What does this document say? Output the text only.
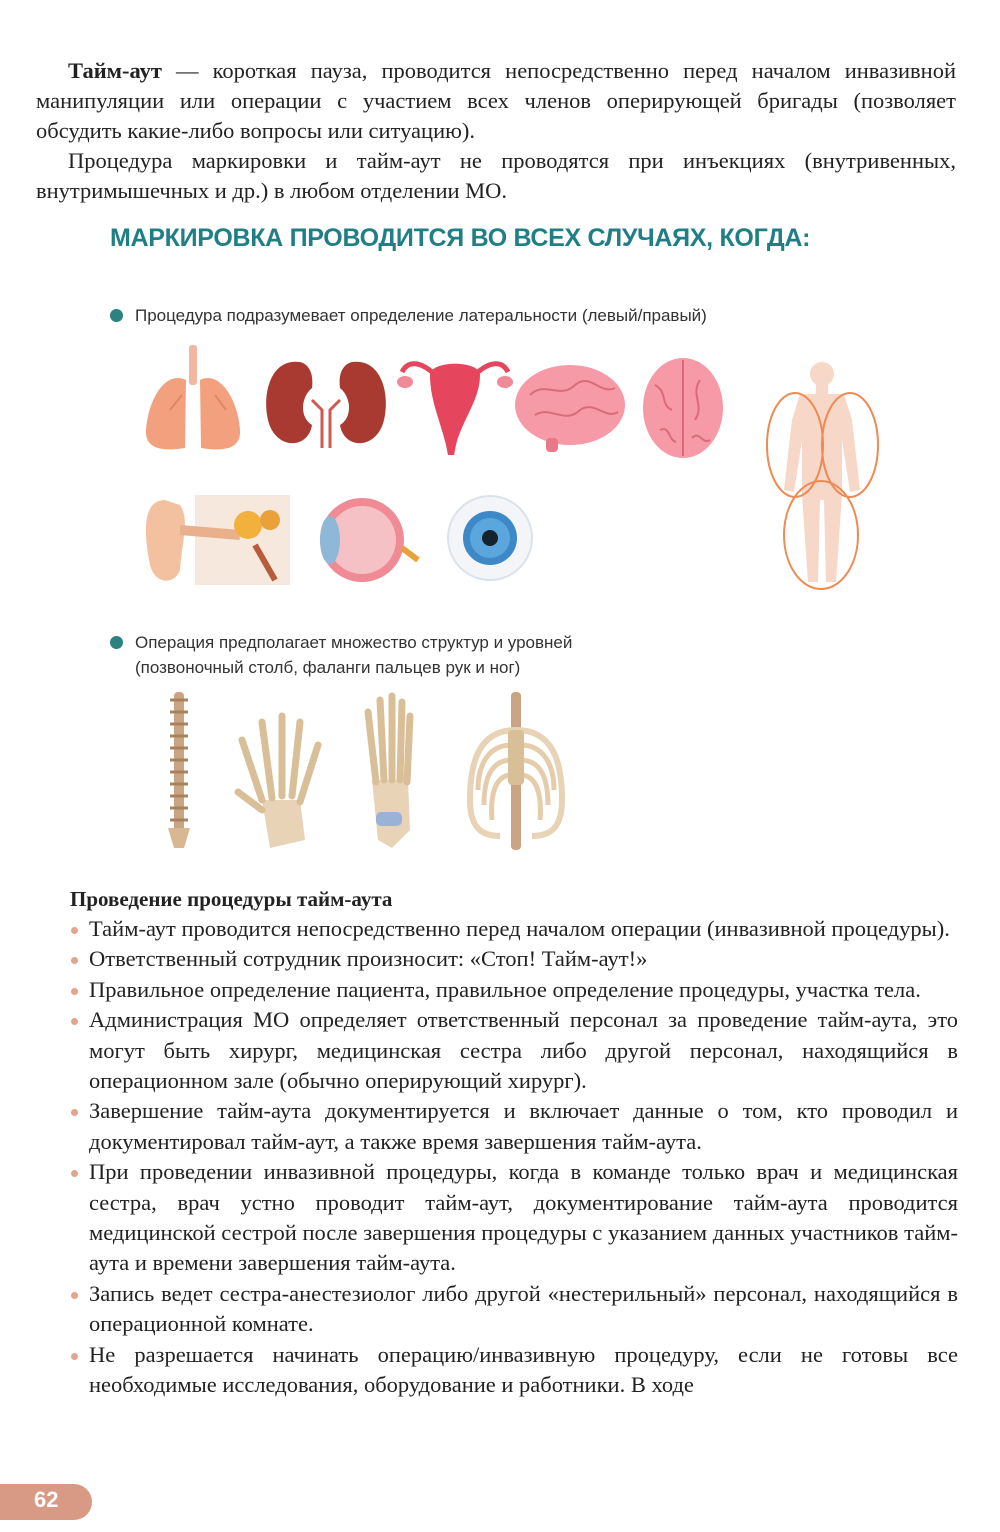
Тайм-аут — короткая пауза, проводится непосредственно перед началом инвазивной манипуляции или операции с участием всех членов оперирующей бригады (позволяет обсудить какие-либо вопросы или ситуацию).

Процедура маркировки и тайм-аут не проводятся при инъекциях (внутривенных, внутримышечных и др.) в любом отделении МО.

МАРКИРОВКА ПРОВОДИТСЯ ВО ВСЕХ СЛУЧАЯХ, КОГДА:
Процедура подразумевает определение латеральности (левый/правый)
Операция предполагает множество структур и уровней
(позвоночный столб, фаланги пальцев рук и ног)

Проведение процедуры тайм-аута

Тайм-аут проводится непосредственно перед началом операции (инвазивной процедуры).
Ответственный сотрудник произносит: «Стоп! Тайм-аут!»
Правильное определение пациента, правильное определение процедуры, участка тела.
Администрация МО определяет ответственный персонал за проведение тайм-аута, это могут быть хирург, медицинская сестра либо другой персонал, находящийся в операционном зале (обычно оперирующий хирург).
Завершение тайм-аута документируется и включает данные о том, кто проводил и документировал тайм-аут, а также время завершения тайм-аута.
При проведении инвазивной процедуры, когда в команде только врач и медицинская сестра, врач устно проводит тайм-аут, документирование тайм-аута проводится медицинской сестрой после завершения процедуры с указанием данных участников тайм-аута и времени завершения тайм-аута.
Запись ведет сестра-анестезиолог либо другой «нестерильный» персонал, находящийся в операционной комнате.
Не разрешается начинать операцию/инвазивную процедуру, если не готовы все необходимые исследования, оборудование и работники. В ходе
62
